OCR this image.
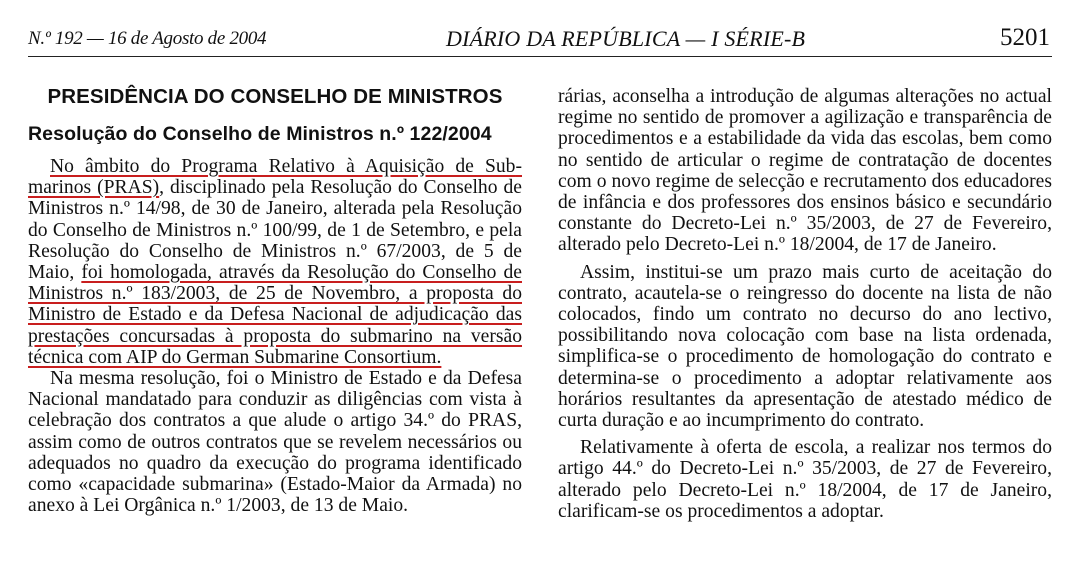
N.º 192 — 16 de Agosto de 2004	DIÁRIO DA REPÚBLICA — I SÉRIE-B	5201
PRESIDÊNCIA DO CONSELHO DE MINISTROS
Resolução do Conselho de Ministros n.º 122/2004

No âmbito do Programa Relativo à Aquisição de Submarinos (PRAS), disciplinado pela Resolução do Conselho de Ministros n.º 14/98, de 30 de Janeiro, alterada pela Resolução do Conselho de Ministros n.º 100/99, de 1 de Setembro, e pela Resolução do Conselho de Ministros n.º 67/2003, de 5 de Maio, foi homologada, através da Resolução do Conselho de Ministros n.º 183/2003, de 25 de Novembro, a proposta do Ministro de Estado e da Defesa Nacional de adjudicação das prestações concursadas à proposta do submarino na versão técnica com AIP do German Submarine Consortium.

Na mesma resolução, foi o Ministro de Estado e da Defesa Nacional mandatado para conduzir as diligências com vista à celebração dos contratos a que alude o artigo 34.º do PRAS, assim como de outros contratos que se revelem necessários ou adequados no quadro da execução do programa identificado como «capacidade submarina» (Estado-Maior da Armada) no anexo à Lei Orgânica n.º 1/2003, de 13 de Maio.

rárias, aconselha a introdução de algumas alterações no actual regime no sentido de promover a agilização e transparência de procedimentos e a estabilidade da vida das escolas, bem como no sentido de articular o regime de contratação de docentes com o novo regime de selecção e recrutamento dos educadores de infância e dos professores dos ensinos básico e secundário constante do Decreto-Lei n.º 35/2003, de 27 de Fevereiro, alterado pelo Decreto-Lei n.º 18/2004, de 17 de Janeiro.

Assim, institui-se um prazo mais curto de aceitação do contrato, acautela-se o reingresso do docente na lista de não colocados, findo um contrato no decurso do ano lectivo, possibilitando nova colocação com base na lista ordenada, simplifica-se o procedimento de homologação do contrato e determina-se o procedimento a adoptar relativamente aos horários resultantes da apresentação de atestado médico de curta duração e ao incumprimento do contrato.

Relativamente à oferta de escola, a realizar nos termos do artigo 44.º do Decreto-Lei n.º 35/2003, de 27 de Fevereiro, alterado pelo Decreto-Lei n.º 18/2004, de 17 de Janeiro, clarificam-se os procedimentos a adoptar.
